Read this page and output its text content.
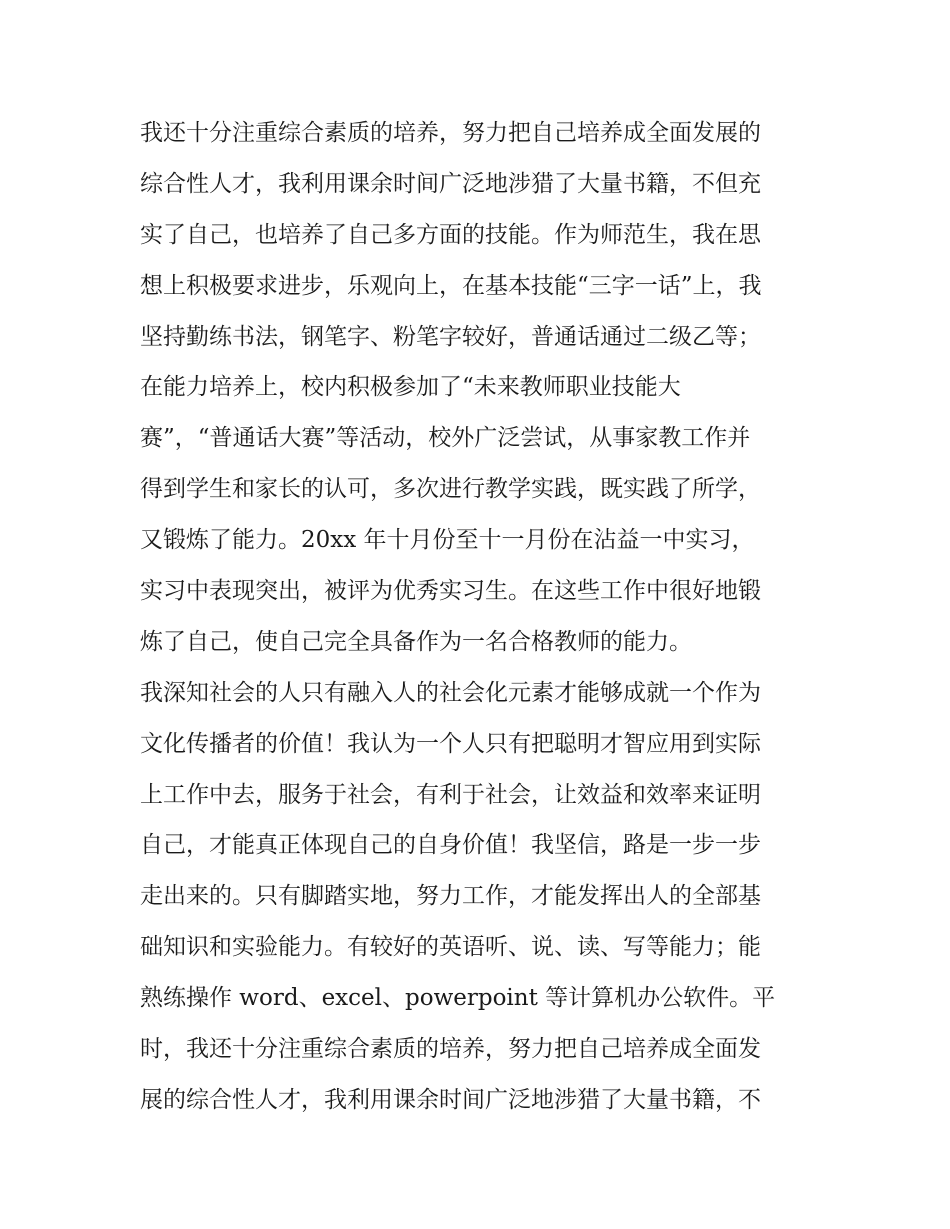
我还十分注重综合素质的培养，努力把自己培养成全面发展的
综合性人才，我利用课余时间广泛地涉猎了大量书籍，不但充
实了自己，也培养了自己多方面的技能。作为师范生，我在思
想上积极要求进步，乐观向上，在基本技能“三字一话”上，我
坚持勤练书法，钢笔字、粉笔字较好，普通话通过二级乙等；
在能力培养上，校内积极参加了“未来教师职业技能大
赛”，“普通话大赛”等活动，校外广泛尝试，从事家教工作并
得到学生和家长的认可，多次进行教学实践，既实践了所学，
又锻炼了能力。20xx 年十月份至十一月份在沾益一中实习，
实习中表现突出，被评为优秀实习生。在这些工作中很好地锻
炼了自己，使自己完全具备作为一名合格教师的能力。
我深知社会的人只有融入人的社会化元素才能够成就一个作为
文化传播者的价值！我认为一个人只有把聪明才智应用到实际
上工作中去，服务于社会，有利于社会，让效益和效率来证明
自己，才能真正体现自己的自身价值！我坚信，路是一步一步
走出来的。只有脚踏实地，努力工作，才能发挥出人的全部基
础知识和实验能力。有较好的英语听、说、读、写等能力；能
熟练操作 word、excel、powerpoint 等计算机办公软件。平
时，我还十分注重综合素质的培养，努力把自己培养成全面发
展的综合性人才，我利用课余时间广泛地涉猎了大量书籍，不
